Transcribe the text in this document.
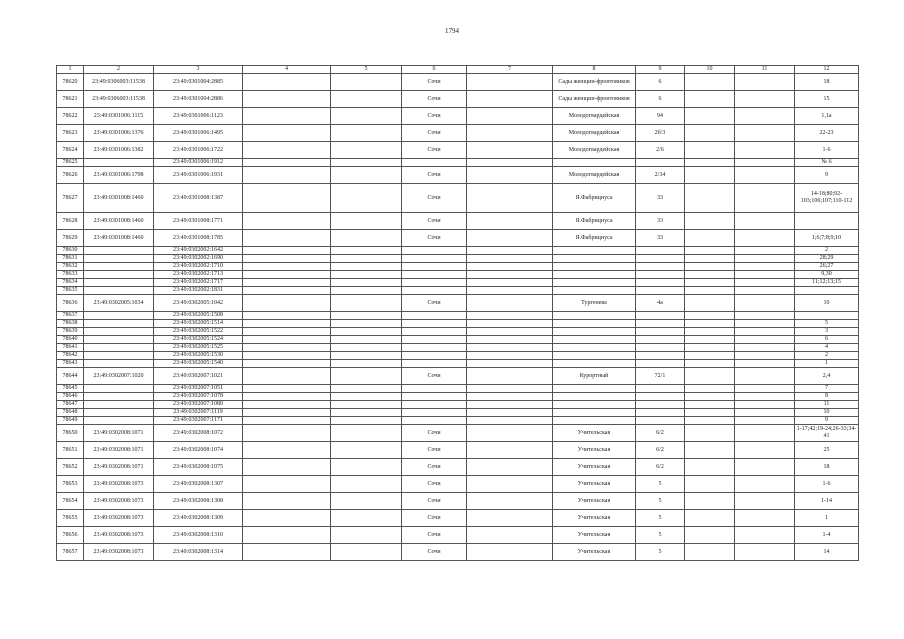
1794
1	2	3	4	5	6	7	8	9	10	11	12
78620	23:49:0306003:11538	23:49:0301004:2885			Сочи		Сады женщин-фронтовиков	6			18
78621	23:49:0306003:11538	23:49:0301004:2886			Сочи		Сады женщин-фронтовиков	6			15
78622	23:49:0301006:1115	23:49:0301006:1123			Сочи		Молодогвардейская	94			1,1а
78623	23:49:0301006:1376	23:49:0301006:1495			Сочи		Молодогвардейская	2б/3			22-23
78624	23:49:0301006:1382	23:49:0301006:1722			Сочи		Молодогвардейская	2/6			1-6
78625		23:49:0301006:1912									№ 6
78626	23:49:0301006:1798	23:49:0301006:1931			Сочи		Молодогвардейская	2/34			9
78627	23:49:0301008:1460	23:49:0301008:1387			Сочи		Я.Фабрициуса	33			14-18;80;92-103;106;107;110-112
78628	23:49:0301008:1460	23:49:0301008:1771			Сочи		Я.Фабрициуса	33			
78629	23:49:0301008:1460	23:49:0301008:1785			Сочи		Я.Фабрициуса	33			1;6;7;8;9;10
78630		23:49:0302002:1642									2
78631		23:49:0302002:1690									28;29
78632		23:49:0302002:1710									26;27
78633		23:49:0302002:1713									9,30
78634		23:49:0302002:1717									11;12;13;15
78635		23:49:0302002:1831									
78636	23:49:0302005:1034	23:49:0302005:1042			Сочи		Тургенева	4а			10
78637		23:49:0302005:1508									
78638		23:49:0302005:1514									5
78639		23:49:0302005:1522									3
78640		23:49:0302005:1524									6
78641		23:49:0302005:1525									4
78642		23:49:0302005:1530									2
78643		23:49:0302005:1540									1
78644	23:49:0302007:1020	23:49:0302007:1021			Сочи		Курортный	72/1			2,4
78645		23:49:0302007:1051									7
78646		23:49:0302007:1078									8
78647		23:49:0302007:1080									11
78648		23:49:0302007:1119									10
78649		23:49:0302007:1171									9
78650	23:49:0302008:1071	23:49:0302008:1072			Сочи		Учительская	6/2			1-17;42;19-24;26-33;34-41
78651	23:49:0302008:1071	23:49:0302008:1074			Сочи		Учительская	6/2			25
78652	23:49:0302008:1071	23:49:0302008:1075			Сочи		Учительская	6/2			18
78653	23:49:0302008:1073	23:49:0302008:1307			Сочи		Учительская	5			1-6
78654	23:49:0302008:1073	23:49:0302008:1308			Сочи		Учительская	5			1-14
78655	23:49:0302008:1073	23:49:0302008:1309			Сочи		Учительская	5			1
78656	23:49:0302008:1073	23:49:0302008:1310			Сочи		Учительская	5			1-4
78657	23:49:0302008:1073	23:49:0302008:1314			Сочи		Учительская	5			14
